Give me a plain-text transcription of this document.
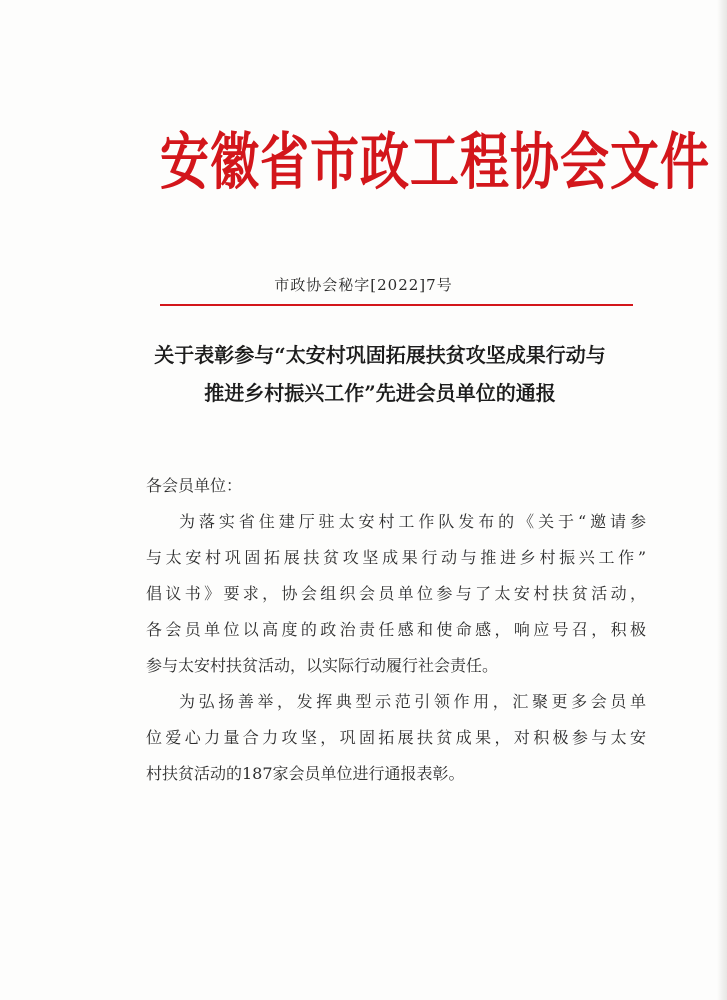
安徽省市政工程协会文件
市政协会秘字[2022]7号
关于表彰参与“太安村巩固拓展扶贫攻坚成果行动与
推进乡村振兴工作”先进会员单位的通报
各会员单位：
为落实省住建厅驻太安村工作队发布的《关于“邀请参
与太安村巩固拓展扶贫攻坚成果行动与推进乡村振兴工作”
倡议书》要求，协会组织会员单位参与了太安村扶贫活动，
各会员单位以高度的政治责任感和使命感，响应号召，积极
参与太安村扶贫活动，以实际行动履行社会责任。
为弘扬善举，发挥典型示范引领作用，汇聚更多会员单
位爱心力量合力攻坚，巩固拓展扶贫成果，对积极参与太安
村扶贫活动的187家会员单位进行通报表彰。
